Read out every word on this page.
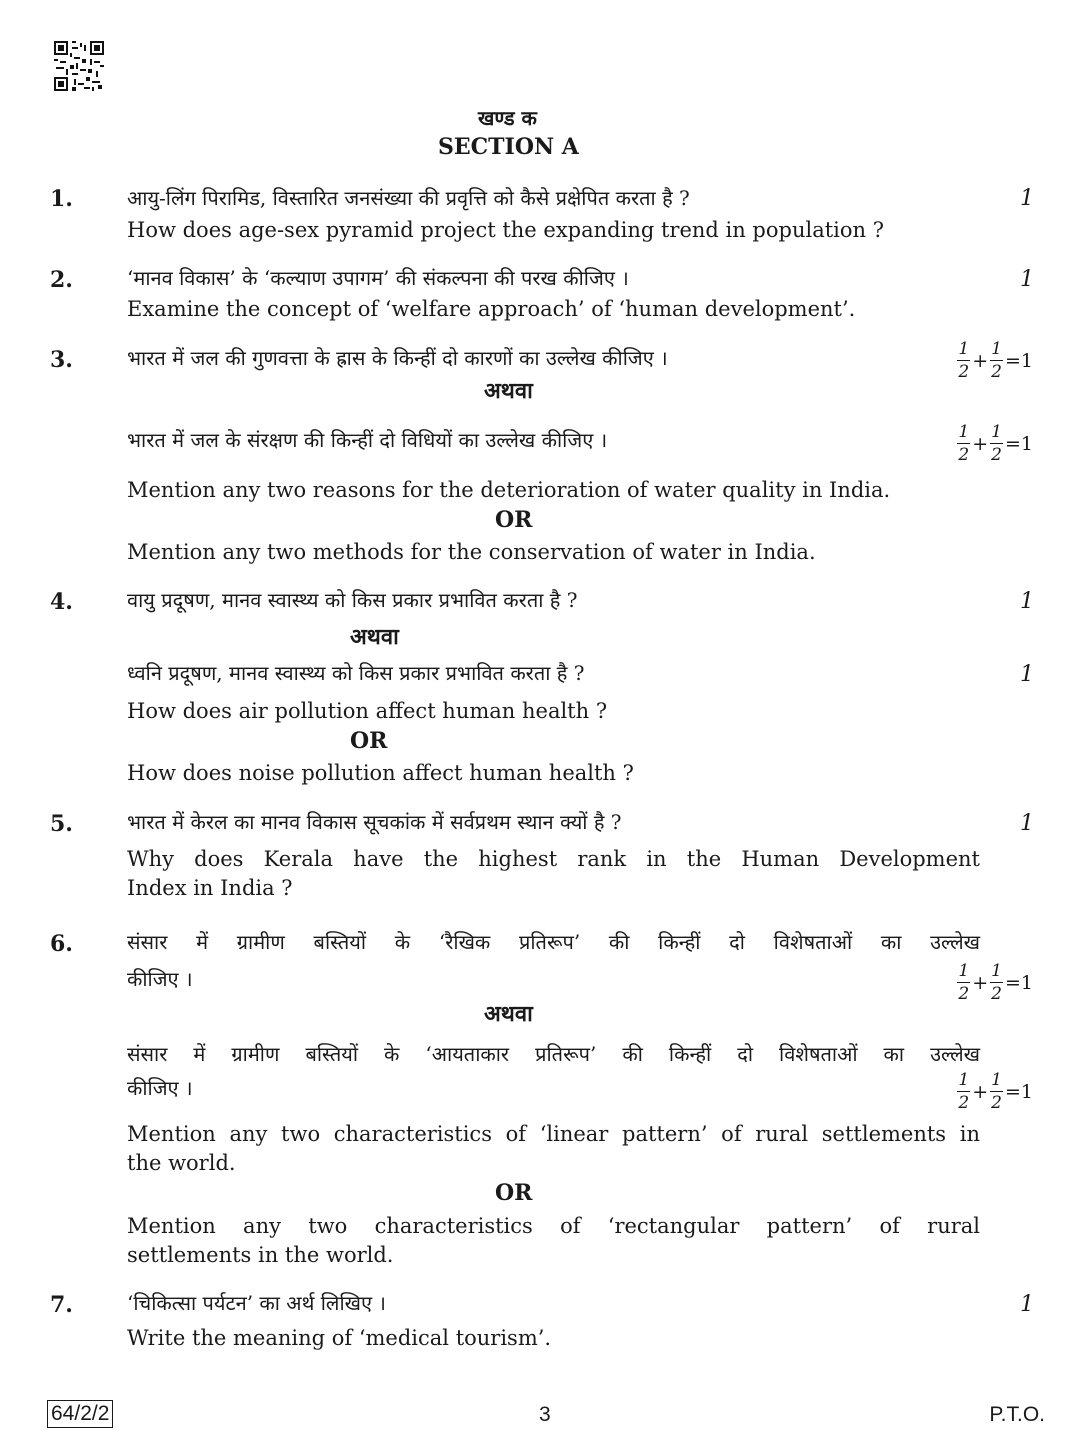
खण्ड क
SECTION A
1.	आयु-लिंग पिरामिड, विस्तारित जनसंख्या की प्रवृत्ति को कैसे प्रक्षेपित करता है ?	1
How does age-sex pyramid project the expanding trend in population ?
2.	‘मानव विकास’ के ‘कल्याण उपागम’ की संकल्पना की परख कीजिए ।	1
Examine the concept of ‘welfare approach’ of ‘human development’.
3.	भारत में जल की गुणवत्ता के ह्रास के किन्हीं दो कारणों का उल्लेख कीजिए ।	$\frac{1}{2} + \frac{1}{2} =1$
अथवा
भारत में जल के संरक्षण की किन्हीं दो विधियों का उल्लेख कीजिए ।	$\frac{1}{2} + \frac{1}{2} =1$
Mention any two reasons for the deterioration of water quality in India.
OR
Mention any two methods for the conservation of water in India.
4.	वायु प्रदूषण, मानव स्वास्थ्य को किस प्रकार प्रभावित करता है ?	1
अथवा
ध्वनि प्रदूषण, मानव स्वास्थ्य को किस प्रकार प्रभावित करता है ?	1
How does air pollution affect human health ?
OR
How does noise pollution affect human health ?
5.	भारत में केरल का मानव विकास सूचकांक में सर्वप्रथम स्थान क्यों है ?	1
Why does Kerala have the highest rank in the Human Development
Index in India ?
6.	संसार में ग्रामीण बस्तियों के ‘रैखिक प्रतिरूप’ की किन्हीं दो विशेषताओं का उल्लेख
कीजिए ।	$\frac{1}{2} + \frac{1}{2} =1$
अथवा
संसार में ग्रामीण बस्तियों के ‘आयताकार प्रतिरूप’ की किन्हीं दो विशेषताओं का उल्लेख
कीजिए ।	$\frac{1}{2} + \frac{1}{2} =1$
Mention any two characteristics of ‘linear pattern’ of rural settlements in
the world.
OR
Mention any two characteristics of ‘rectangular pattern’ of rural
settlements in the world.
7.	‘चिकित्सा पर्यटन’ का अर्थ लिखिए ।	1
Write the meaning of ‘medical tourism’.
64/2/2	3	P.T.O.
